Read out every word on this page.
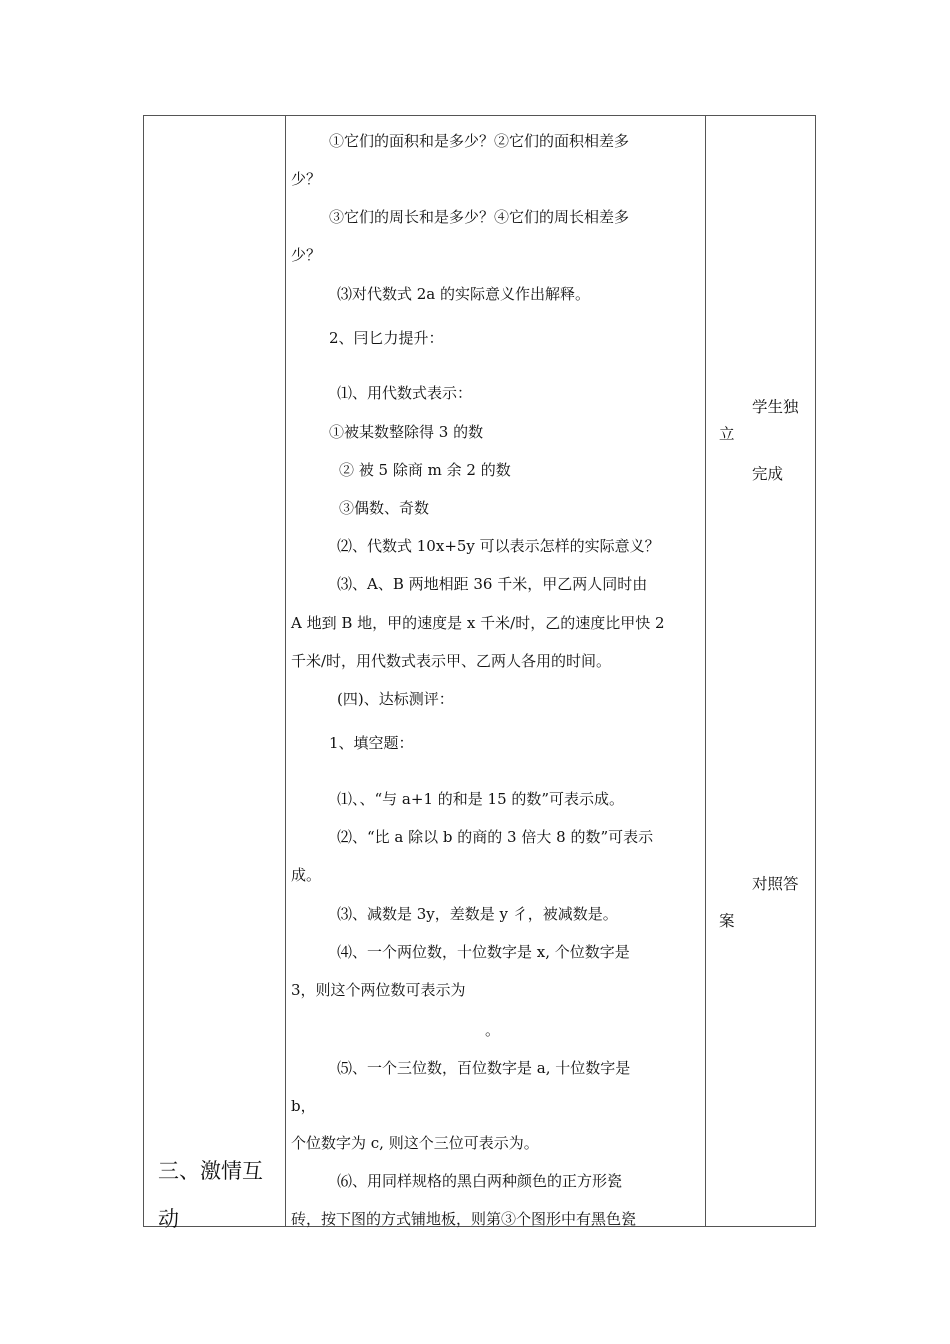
三、激情互
动
①它们的面积和是多少？②它们的面积相差多
少？
③它们的周长和是多少？④它们的周长相差多
少？
⑶对代数式 2a 的实际意义作出解释。
2、冃匕力提升：
⑴、用代数式表示：
①被某数整除得 3 的数
② 被 5 除商 m 余 2 的数
③偶数、奇数
⑵、代数式 10x+5y 可以表示怎样的实际意义？
⑶、A、B 两地相距 36 千米，甲乙两人同时由
A 地到 B 地，甲的速度是 x 千米/时，乙的速度比甲快 2
千米/时，用代数式表示甲、乙两人各用的时间。
(四)、达标测评：
1、填空题：
⑴、、“与 a+1 的和是 15 的数”可表示成。
⑵、“比 a 除以 b 的商的 3 倍大 8 的数”可表示
成。
⑶、减数是 3y，差数是 y 彳，被减数是。
⑷、一个两位数，十位数字是 x, 个位数字是
3，则这个两位数可表示为
。
⑸、一个三位数，百位数字是 a, 十位数字是
b，
个位数字为 c, 则这个三位可表示为。
⑹、用同样规格的黑白两种颜色的正方形瓷
砖，按下图的方式铺地板，则第③个图形中有黑色瓷
学生独
立
完成
对照答
案
